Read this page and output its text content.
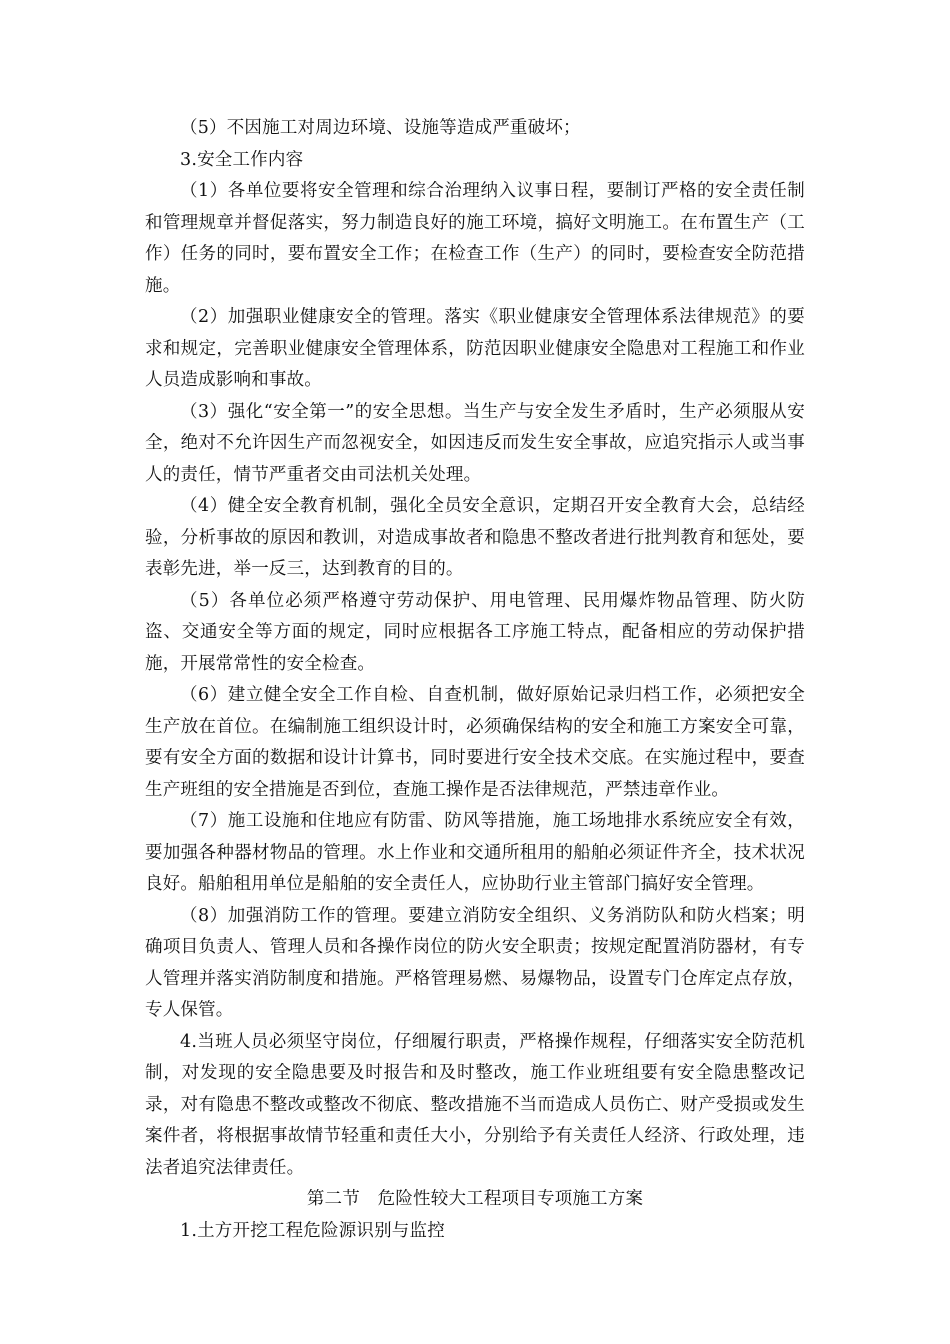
（5）不因施工对周边环境、设施等造成严重破坏；

3.安全工作内容

（1）各单位要将安全管理和综合治理纳入议事日程，要制订严格的安全责任制和管理规章并督促落实，努力制造良好的施工环境，搞好文明施工。在布置生产（工作）任务的同时，要布置安全工作；在检查工作（生产）的同时，要检查安全防范措施。

（2）加强职业健康安全的管理。落实《职业健康安全管理体系法律规范》的要求和规定，完善职业健康安全管理体系，防范因职业健康安全隐患对工程施工和作业人员造成影响和事故。

（3）强化“安全第一”的安全思想。当生产与安全发生矛盾时，生产必须服从安全，绝对不允许因生产而忽视安全，如因违反而发生安全事故，应追究指示人或当事人的责任，情节严重者交由司法机关处理。

（4）健全安全教育机制，强化全员安全意识，定期召开安全教育大会，总结经验，分析事故的原因和教训，对造成事故者和隐患不整改者进行批判教育和惩处，要表彰先进，举一反三，达到教育的目的。

（5）各单位必须严格遵守劳动保护、用电管理、民用爆炸物品管理、防火防盗、交通安全等方面的规定，同时应根据各工序施工特点，配备相应的劳动保护措施，开展常常性的安全检查。

（6）建立健全安全工作自检、自查机制，做好原始记录归档工作，必须把安全生产放在首位。在编制施工组织设计时，必须确保结构的安全和施工方案安全可靠，要有安全方面的数据和设计计算书，同时要进行安全技术交底。在实施过程中，要查生产班组的安全措施是否到位，查施工操作是否法律规范，严禁违章作业。

（7）施工设施和住地应有防雷、防风等措施，施工场地排水系统应安全有效，要加强各种器材物品的管理。水上作业和交通所租用的船舶必须证件齐全，技术状况良好。船舶租用单位是船舶的安全责任人，应协助行业主管部门搞好安全管理。

（8）加强消防工作的管理。要建立消防安全组织、义务消防队和防火档案；明确项目负责人、管理人员和各操作岗位的防火安全职责；按规定配置消防器材，有专人管理并落实消防制度和措施。严格管理易燃、易爆物品，设置专门仓库定点存放，专人保管。

4.当班人员必须坚守岗位，仔细履行职责，严格操作规程，仔细落实安全防范机制，对发现的安全隐患要及时报告和及时整改，施工作业班组要有安全隐患整改记录，对有隐患不整改或整改不彻底、整改措施不当而造成人员伤亡、财产受损或发生案件者，将根据事故情节轻重和责任大小，分别给予有关责任人经济、行政处理，违法者追究法律责任。

第二节　危险性较大工程项目专项施工方案

1.土方开挖工程危险源识别与监控
